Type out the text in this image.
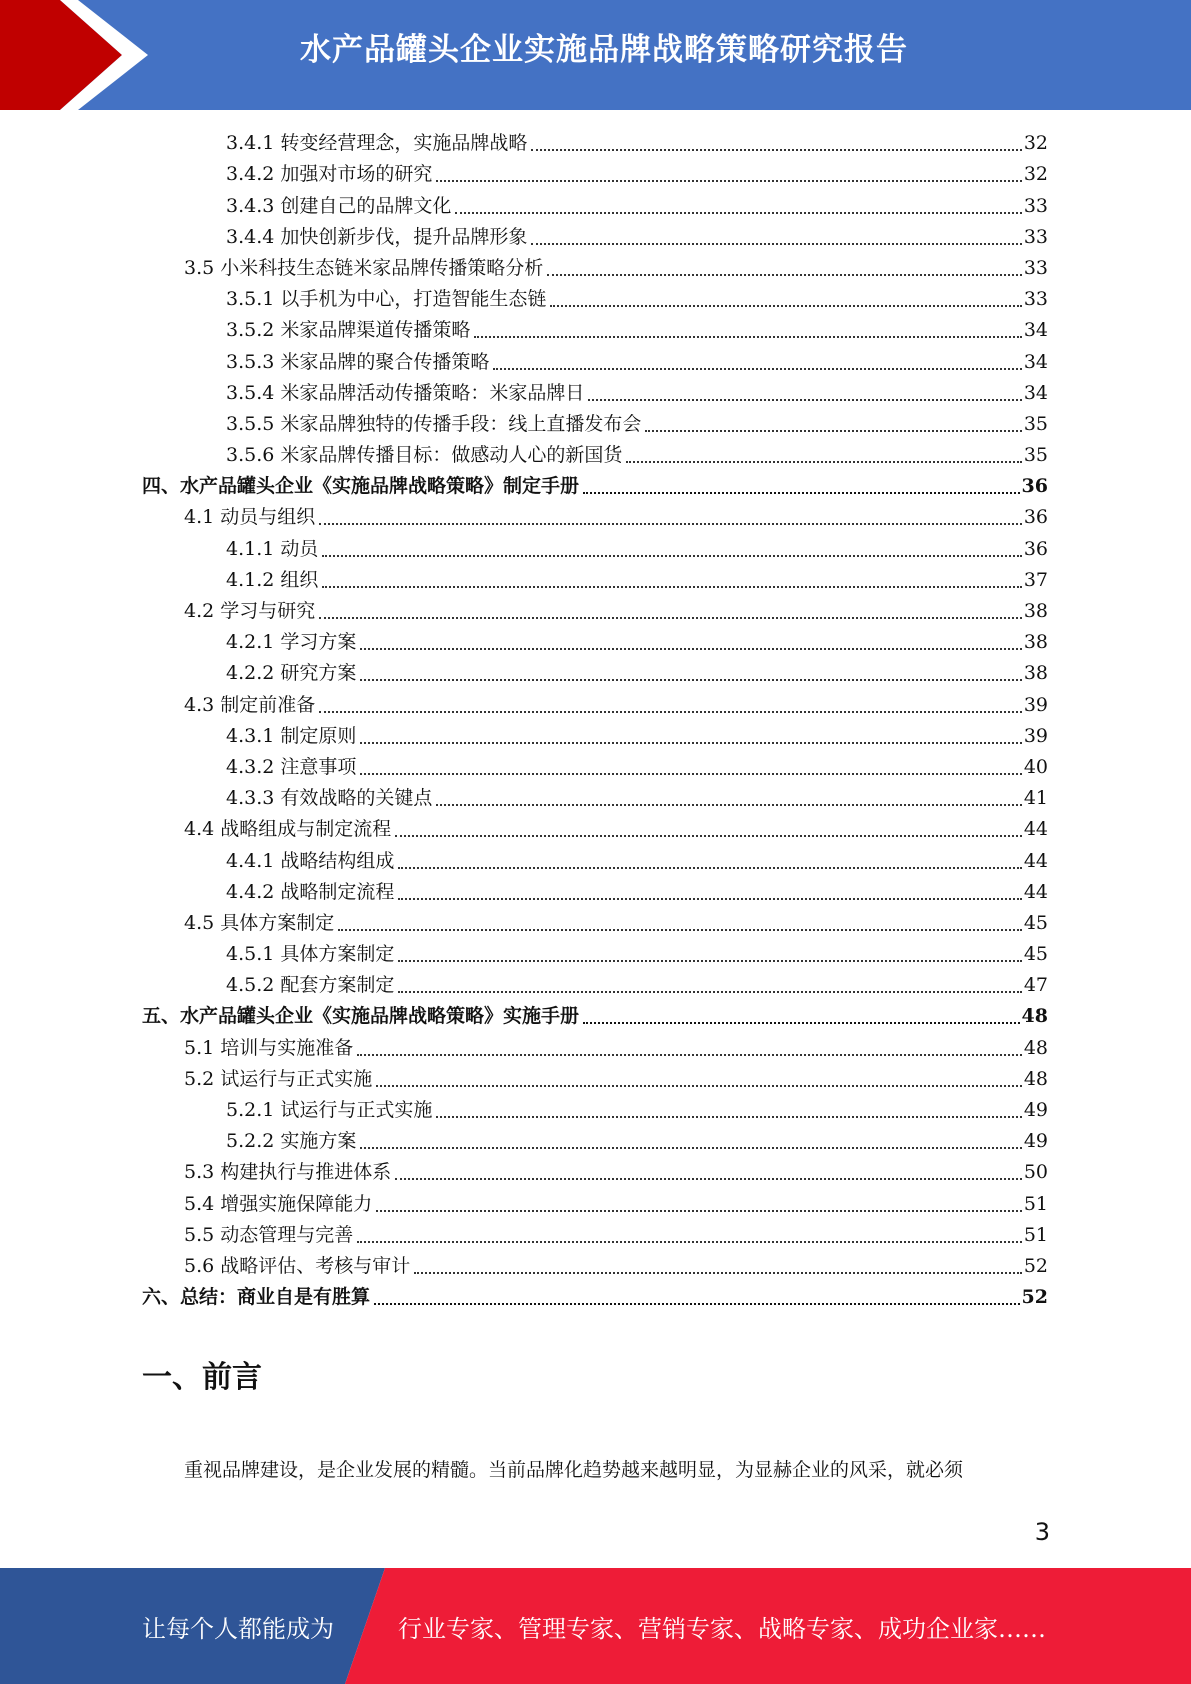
水产品罐头企业实施品牌战略策略研究报告
3.4.1 转变经营理念，实施品牌战略	32
3.4.2 加强对市场的研究	32
3.4.3 创建自己的品牌文化	33
3.4.4 加快创新步伐，提升品牌形象	33
3.5 小米科技生态链米家品牌传播策略分析	33
3.5.1 以手机为中心，打造智能生态链	33
3.5.2 米家品牌渠道传播策略	34
3.5.3 米家品牌的聚合传播策略	34
3.5.4 米家品牌活动传播策略：米家品牌日	34
3.5.5 米家品牌独特的传播手段：线上直播发布会	35
3.5.6 米家品牌传播目标：做感动人心的新国货	35
四、水产品罐头企业《实施品牌战略策略》制定手册	36
4.1 动员与组织	36
4.1.1 动员	36
4.1.2 组织	37
4.2 学习与研究	38
4.2.1 学习方案	38
4.2.2 研究方案	38
4.3 制定前准备	39
4.3.1 制定原则	39
4.3.2 注意事项	40
4.3.3 有效战略的关键点	41
4.4 战略组成与制定流程	44
4.4.1 战略结构组成	44
4.4.2 战略制定流程	44
4.5 具体方案制定	45
4.5.1 具体方案制定	45
4.5.2 配套方案制定	47
五、水产品罐头企业《实施品牌战略策略》实施手册	48
5.1 培训与实施准备	48
5.2 试运行与正式实施	48
5.2.1 试运行与正式实施	49
5.2.2 实施方案	49
5.3 构建执行与推进体系	50
5.4 增强实施保障能力	51
5.5 动态管理与完善	51
5.6 战略评估、考核与审计	52
六、总结：商业自是有胜算	52
一、前言
重视品牌建设，是企业发展的精髓。当前品牌化趋势越来越明显，为显赫企业的风采，就必须
3
让每个人都能成为	行业专家、管理专家、营销专家、战略专家、成功企业家……
